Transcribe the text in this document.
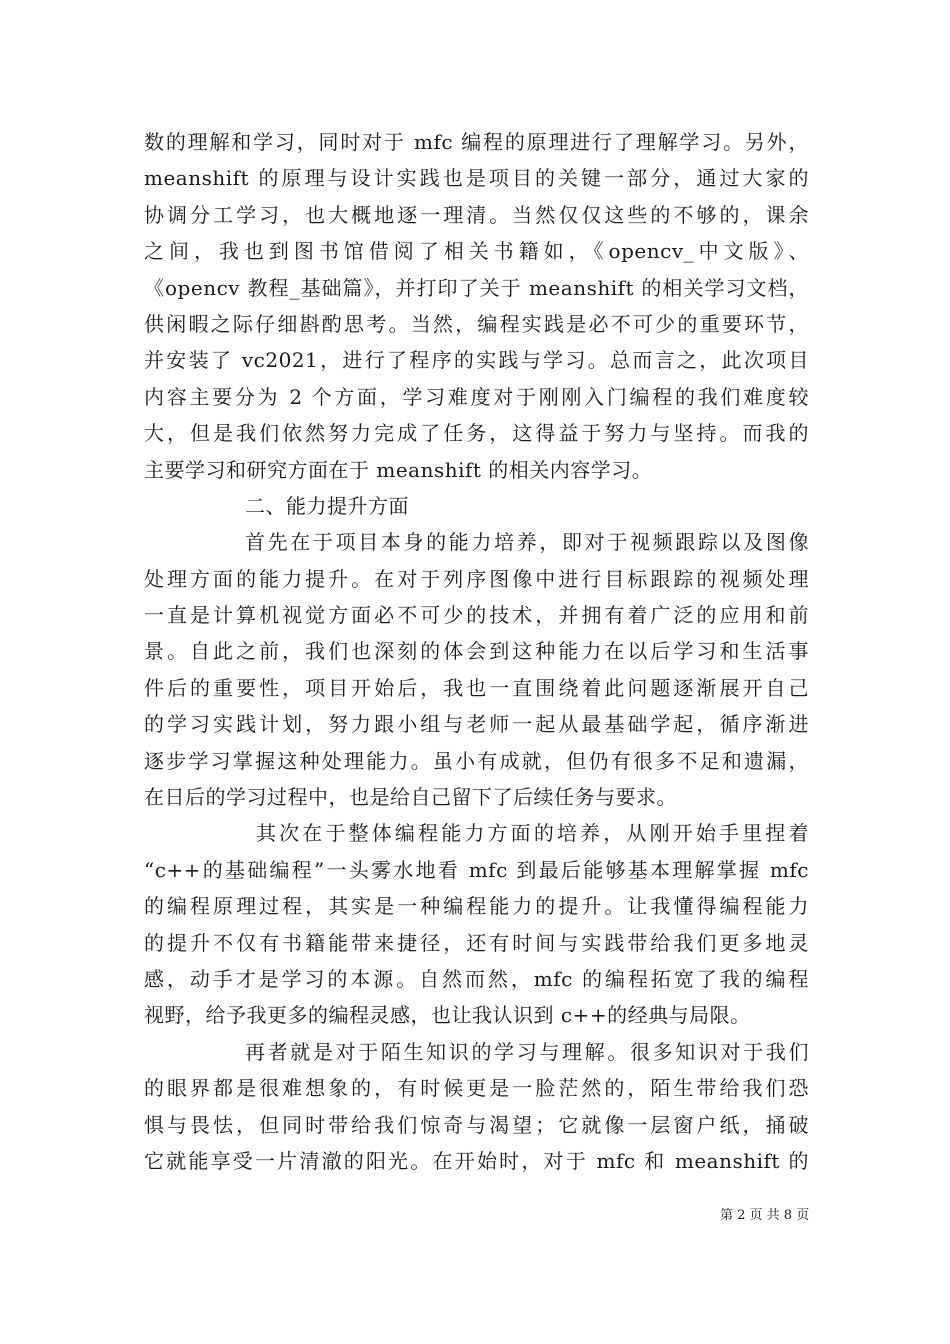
数的理解和学习，同时对于 mfc 编程的原理进行了理解学习。另外，
meanshift 的原理与设计实践也是项目的关键一部分，通过大家的
协调分工学习，也大概地逐一理清。当然仅仅这些的不够的，课余
之间，我也到图书馆借阅了相关书籍如，《opencv_中文版》、
《opencv 教程_基础篇》，并打印了关于 meanshift 的相关学习文档，
供闲暇之际仔细斟酌思考。当然，编程实践是必不可少的重要环节，
并安装了 vc2021，进行了程序的实践与学习。总而言之，此次项目
内容主要分为 2 个方面，学习难度对于刚刚入门编程的我们难度较
大，但是我们依然努力完成了任务，这得益于努力与坚持。而我的
主要学习和研究方面在于 meanshift 的相关内容学习。
二、能力提升方面
首先在于项目本身的能力培养，即对于视频跟踪以及图像
处理方面的能力提升。在对于列序图像中进行目标跟踪的视频处理
一直是计算机视觉方面必不可少的技术，并拥有着广泛的应用和前
景。自此之前，我们也深刻的体会到这种能力在以后学习和生活事
件后的重要性，项目开始后，我也一直围绕着此问题逐渐展开自己
的学习实践计划，努力跟小组与老师一起从最基础学起，循序渐进
逐步学习掌握这种处理能力。虽小有成就，但仍有很多不足和遗漏，
在日后的学习过程中，也是给自己留下了后续任务与要求。
其次在于整体编程能力方面的培养，从刚开始手里捏着
“c++的基础编程”一头雾水地看 mfc 到最后能够基本理解掌握 mfc
的编程原理过程，其实是一种编程能力的提升。让我懂得编程能力
的提升不仅有书籍能带来捷径，还有时间与实践带给我们更多地灵
感，动手才是学习的本源。自然而然，mfc 的编程拓宽了我的编程
视野，给予我更多的编程灵感，也让我认识到 c++的经典与局限。
再者就是对于陌生知识的学习与理解。很多知识对于我们
的眼界都是很难想象的，有时候更是一脸茫然的，陌生带给我们恐
惧与畏怯，但同时带给我们惊奇与渴望；它就像一层窗户纸，捅破
它就能享受一片清澈的阳光。在开始时，对于 mfc 和 meanshift 的
第 2 页 共 8 页
